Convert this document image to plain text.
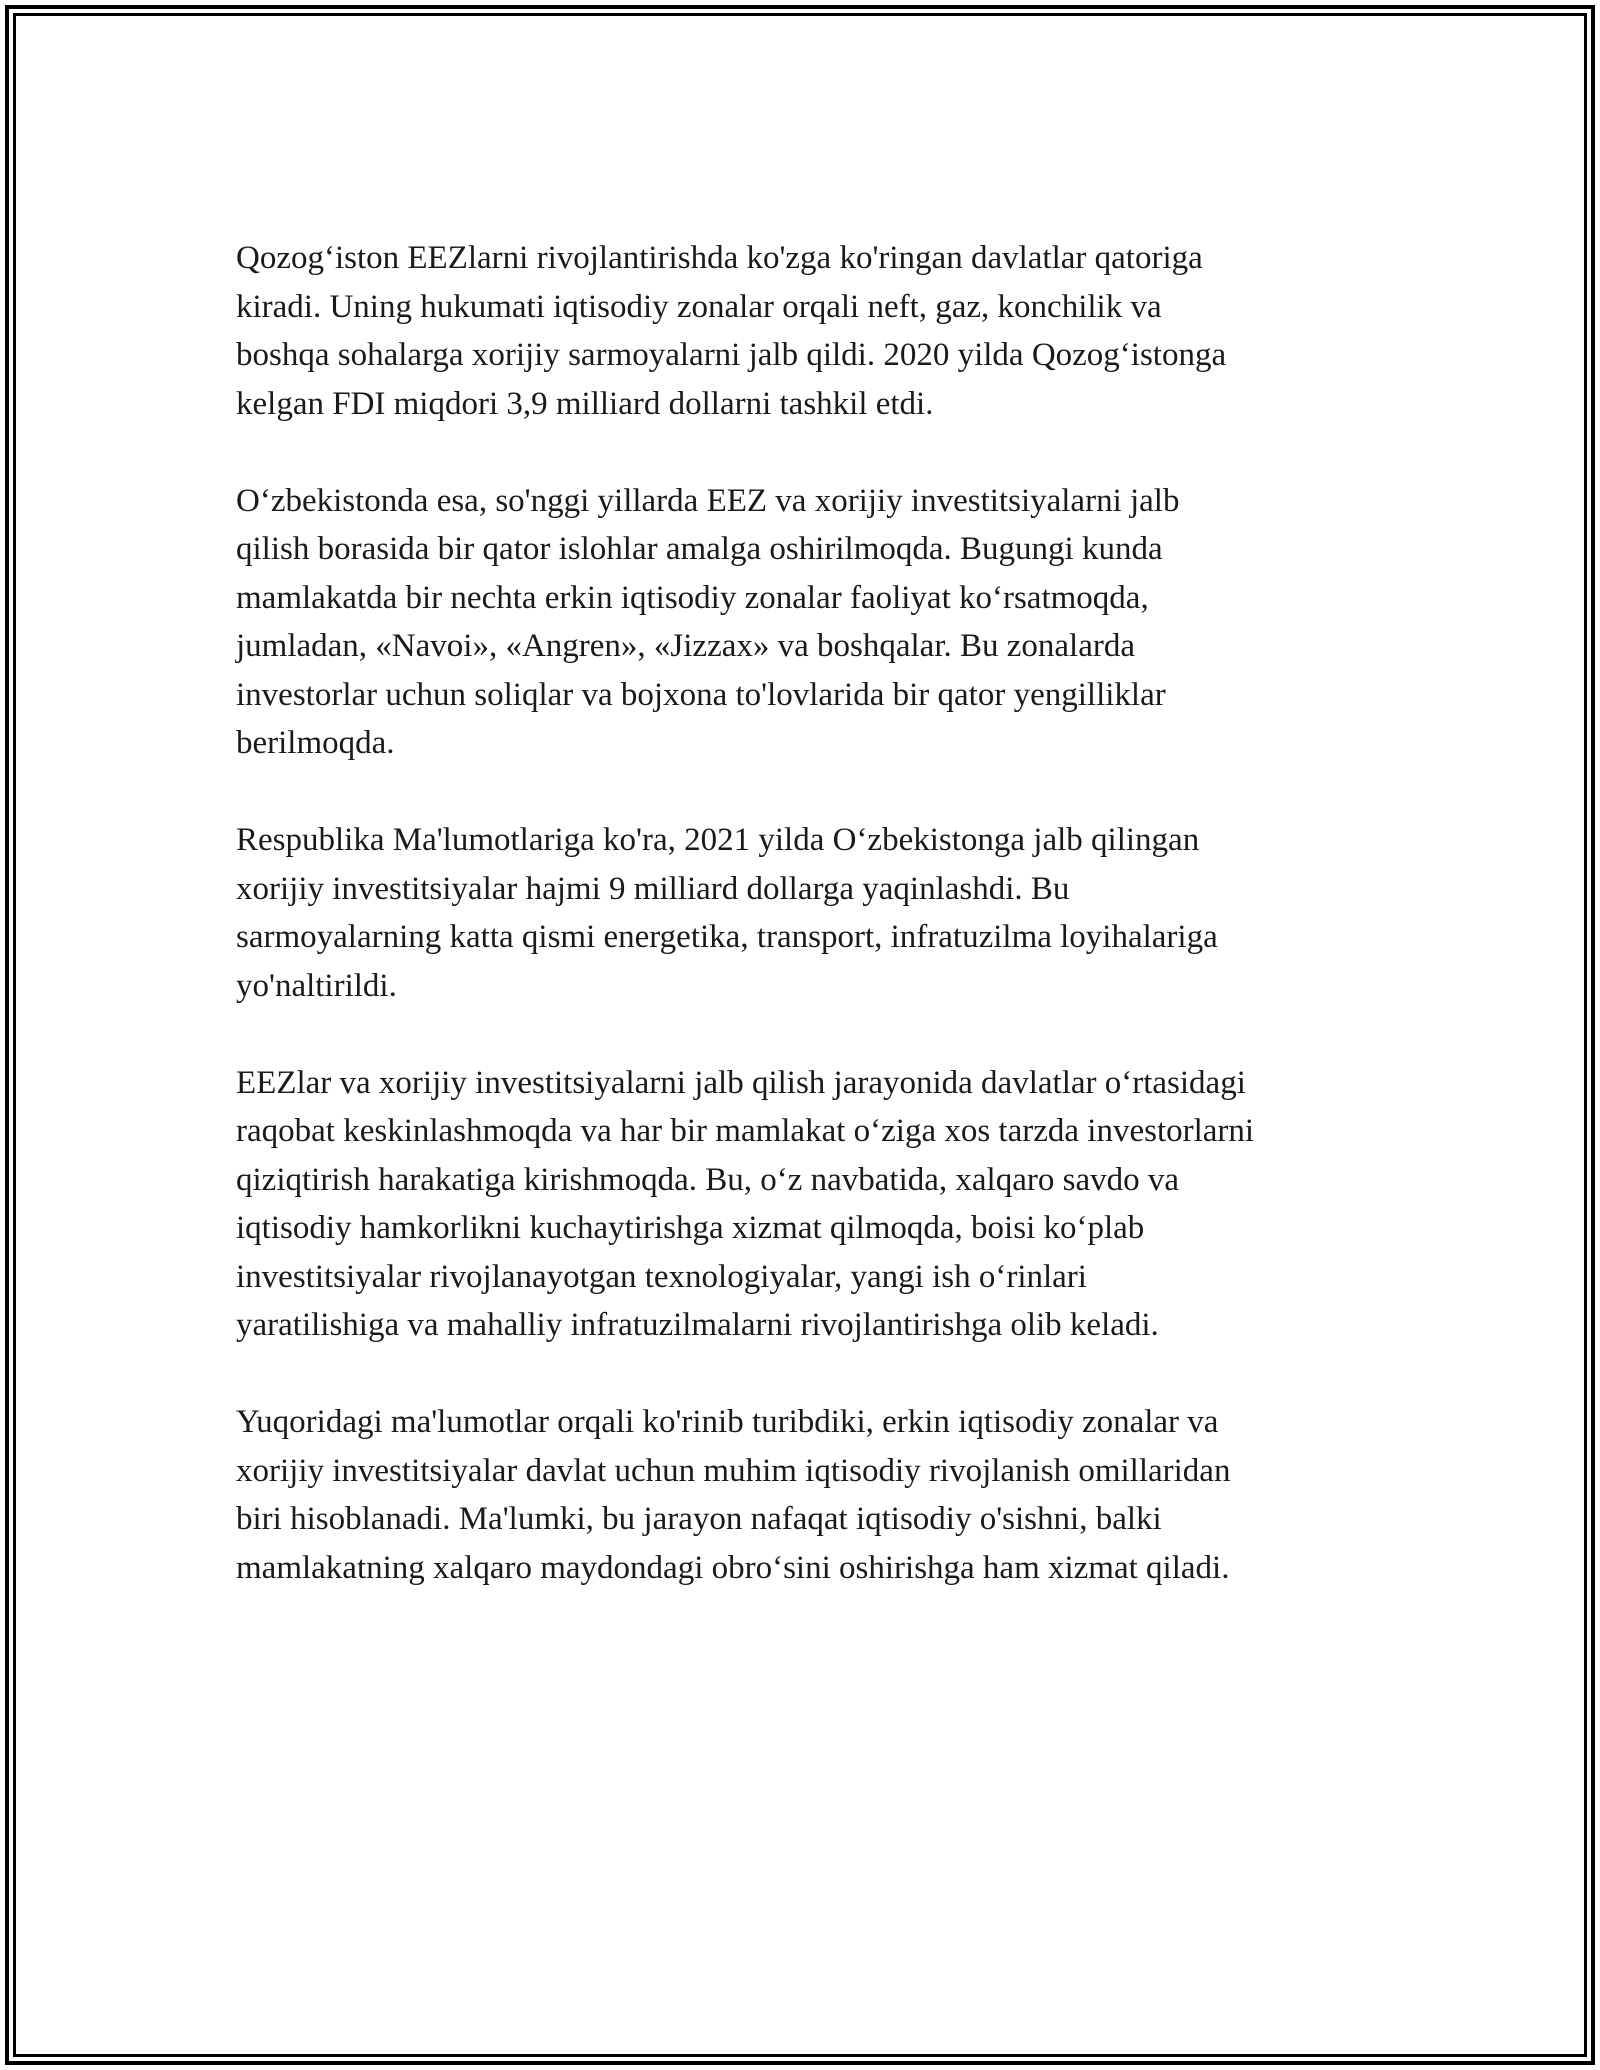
Qozog‘iston EEZlarni rivojlantirishda ko'zga ko'ringan davlatlar qatoriga
kiradi. Uning hukumati iqtisodiy zonalar orqali neft, gaz, konchilik va
boshqa sohalarga xorijiy sarmoyalarni jalb qildi. 2020 yilda Qozog‘istonga
kelgan FDI miqdori 3,9 milliard dollarni tashkil etdi.
O‘zbekistonda esa, so'nggi yillarda EEZ va xorijiy investitsiyalarni jalb
qilish borasida bir qator islohlar amalga oshirilmoqda. Bugungi kunda
mamlakatda bir nechta erkin iqtisodiy zonalar faoliyat ko‘rsatmoqda,
jumladan, «Navoi», «Angren», «Jizzax» va boshqalar. Bu zonalarda
investorlar uchun soliqlar va bojxona to'lovlarida bir qator yengilliklar
berilmoqda.
Respublika Ma'lumotlariga ko'ra, 2021 yilda O‘zbekistonga jalb qilingan
xorijiy investitsiyalar hajmi 9 milliard dollarga yaqinlashdi. Bu
sarmoyalarning katta qismi energetika, transport, infratuzilma loyihalariga
yo'naltirildi.
EEZlar va xorijiy investitsiyalarni jalb qilish jarayonida davlatlar o‘rtasidagi
raqobat keskinlashmoqda va har bir mamlakat o‘ziga xos tarzda investorlarni
qiziqtirish harakatiga kirishmoqda. Bu, o‘z navbatida, xalqaro savdo va
iqtisodiy hamkorlikni kuchaytirishga xizmat qilmoqda, boisi ko‘plab
investitsiyalar rivojlanayotgan texnologiyalar, yangi ish o‘rinlari
yaratilishiga va mahalliy infratuzilmalarni rivojlantirishga olib keladi.
Yuqoridagi ma'lumotlar orqali ko'rinib turibdiki, erkin iqtisodiy zonalar va
xorijiy investitsiyalar davlat uchun muhim iqtisodiy rivojlanish omillaridan
biri hisoblanadi. Ma'lumki, bu jarayon nafaqat iqtisodiy o'sishni, balki
mamlakatning xalqaro maydondagi obro‘sini oshirishga ham xizmat qiladi.
